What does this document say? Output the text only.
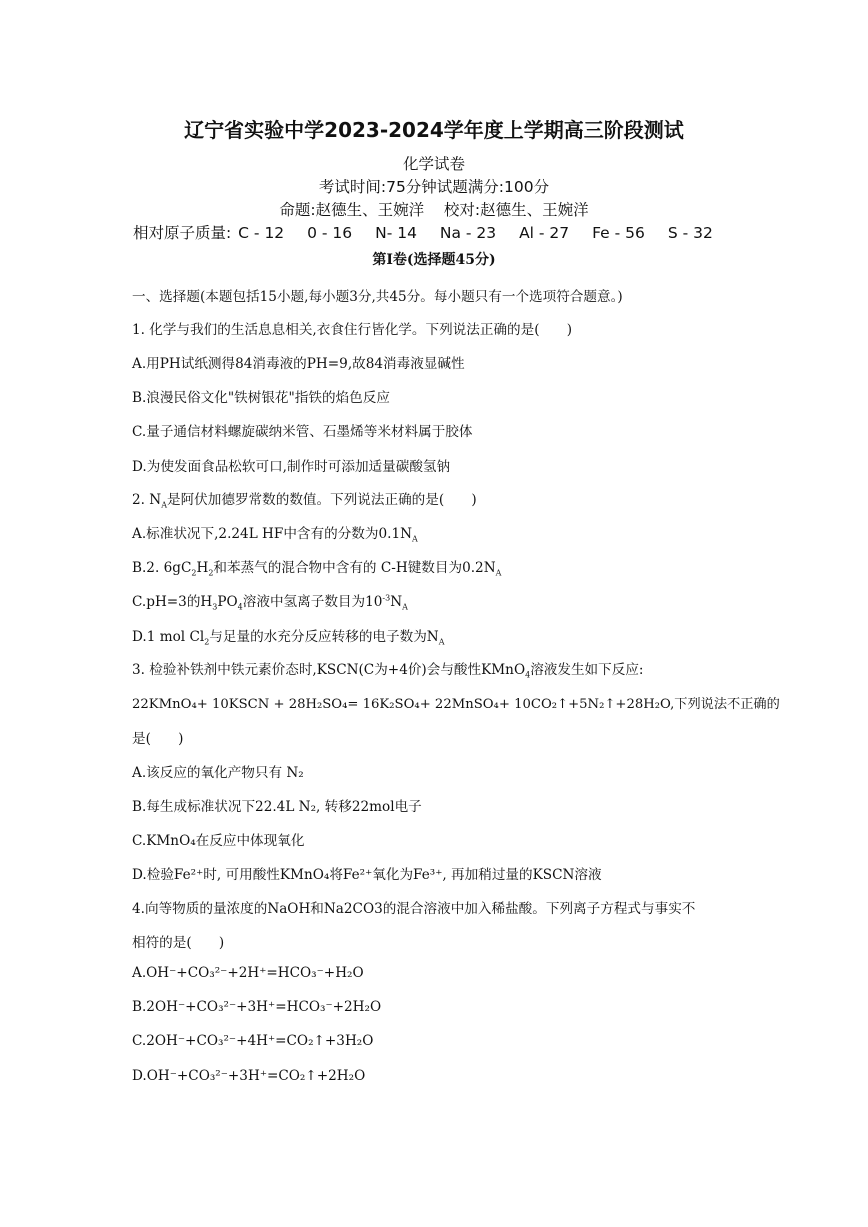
辽宁省实验中学2023-2024学年度上学期高三阶段测试
化学试卷
考试时间:75分钟试题满分:100分
命题:赵德生、王婉洋    校对:赵德生、王婉洋
相对原子质量: C - 12 0 - 16 N- 14 Na - 23 Al - 27 Fe - 56 S - 32
第Ⅰ卷(选择题45分)
一、选择题(本题包括15小题,每小题3分,共45分。每小题只有一个选项符合题意。)
1. 化学与我们的生活息息相关,衣食住行皆化学。下列说法正确的是(　　)
A.用PH试纸测得84消毒液的PH=9,故84消毒液显碱性
B.浪漫民俗文化"铁树银花"指铁的焰色反应
C.量子通信材料螺旋碳纳米管、石墨烯等米材料属于胶体
D.为使发面食品松软可口,制作时可添加适量碳酸氢钠
2. $N_A$是阿伏加德罗常数的数值。下列说法正确的是(　　)
A.标准状况下,2.24L HF中含有的分数为$0.1N_A$
B.2. $6gC_2H_2$和苯蒸气的混合物中含有的 C-H键数目为$0.2N_A$
C.pH=3的$H_3PO_4$溶液中氢离子数目为$10^{-3}N_A$
D.1 mol $Cl_2$与足量的水充分反应转移的电子数为$N_A$
3. 检验补铁剂中铁元素价态时,KSCN(C为+4价)会与酸性KMnO$_4$溶液发生如下反应:
22KMnO₄+ 10KSCN + 28H₂SO₄= 16K₂SO₄+ 22MnSO₄+ 10CO₂↑+5N₂↑+28H₂O,下列说法不正确的
是(　　)
A.该反应的氧化产物只有 N₂
B.每生成标准状况下22.4L N₂, 转移22mol电子
C.KMnO₄在反应中体现氧化
D.检验Fe²⁺时, 可用酸性KMnO₄将Fe²⁺氧化为Fe³⁺, 再加稍过量的KSCN溶液
4.向等物质的量浓度的NaOH和Na2CO3的混合溶液中加入稀盐酸。下列离子方程式与事实不
相符的是(　　)
A.OH⁻+CO₃²⁻+2H⁺=HCO₃⁻+H₂O
B.2OH⁻+CO₃²⁻+3H⁺=HCO₃⁻+2H₂O
C.2OH⁻+CO₃²⁻+4H⁺=CO₂↑+3H₂O
D.OH⁻+CO₃²⁻+3H⁺=CO₂↑+2H₂O
